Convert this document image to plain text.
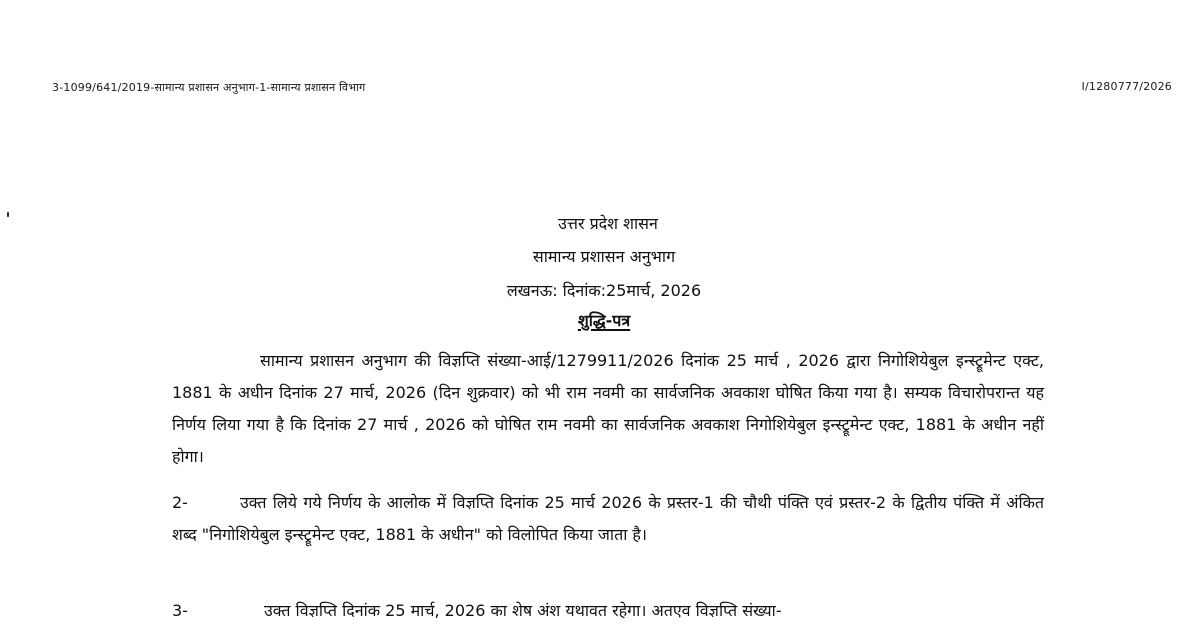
3-1099/641/2019-सामान्य प्रशासन अनुभाग-1-सामान्य प्रशासन विभाग	I/1280777/2026
उत्तर प्रदेश शासन
सामान्य प्रशासन अनुभाग
लखनऊ: दिनांक:25मार्च, 2026
शुद्धि-पत्र
सामान्य प्रशासन अनुभाग की विज्ञप्ति संख्या-आई/1279911/2026 दिनांक 25 मार्च , 2026 द्वारा निगोशियेबुल इन्स्ट्रूमेन्ट एक्ट, 1881 के अधीन दिनांक 27 मार्च, 2026 (दिन शुक्रवार) को भी राम नवमी का सार्वजनिक अवकाश घोषित किया गया है। सम्यक विचारोपरान्त यह निर्णय लिया गया है कि दिनांक 27 मार्च , 2026 को घोषित राम नवमी का सार्वजनिक अवकाश निगोशियेबुल इन्स्ट्रूमेन्ट एक्ट, 1881 के अधीन नहीं होगा।
2-	उक्त लिये गये निर्णय के आलोक में विज्ञप्ति दिनांक 25 मार्च 2026 के प्रस्तर-1 की चौथी पंक्ति एवं प्रस्तर-2 के द्वितीय पंक्ति में अंकित शब्द "निगोशियेबुल इन्स्ट्रूमेन्ट एक्ट, 1881 के अधीन" को विलोपित किया जाता है।
3-	उक्त विज्ञप्ति दिनांक 25 मार्च, 2026 का शेष अंश यथावत रहेगा। अतएव विज्ञप्ति संख्या-
